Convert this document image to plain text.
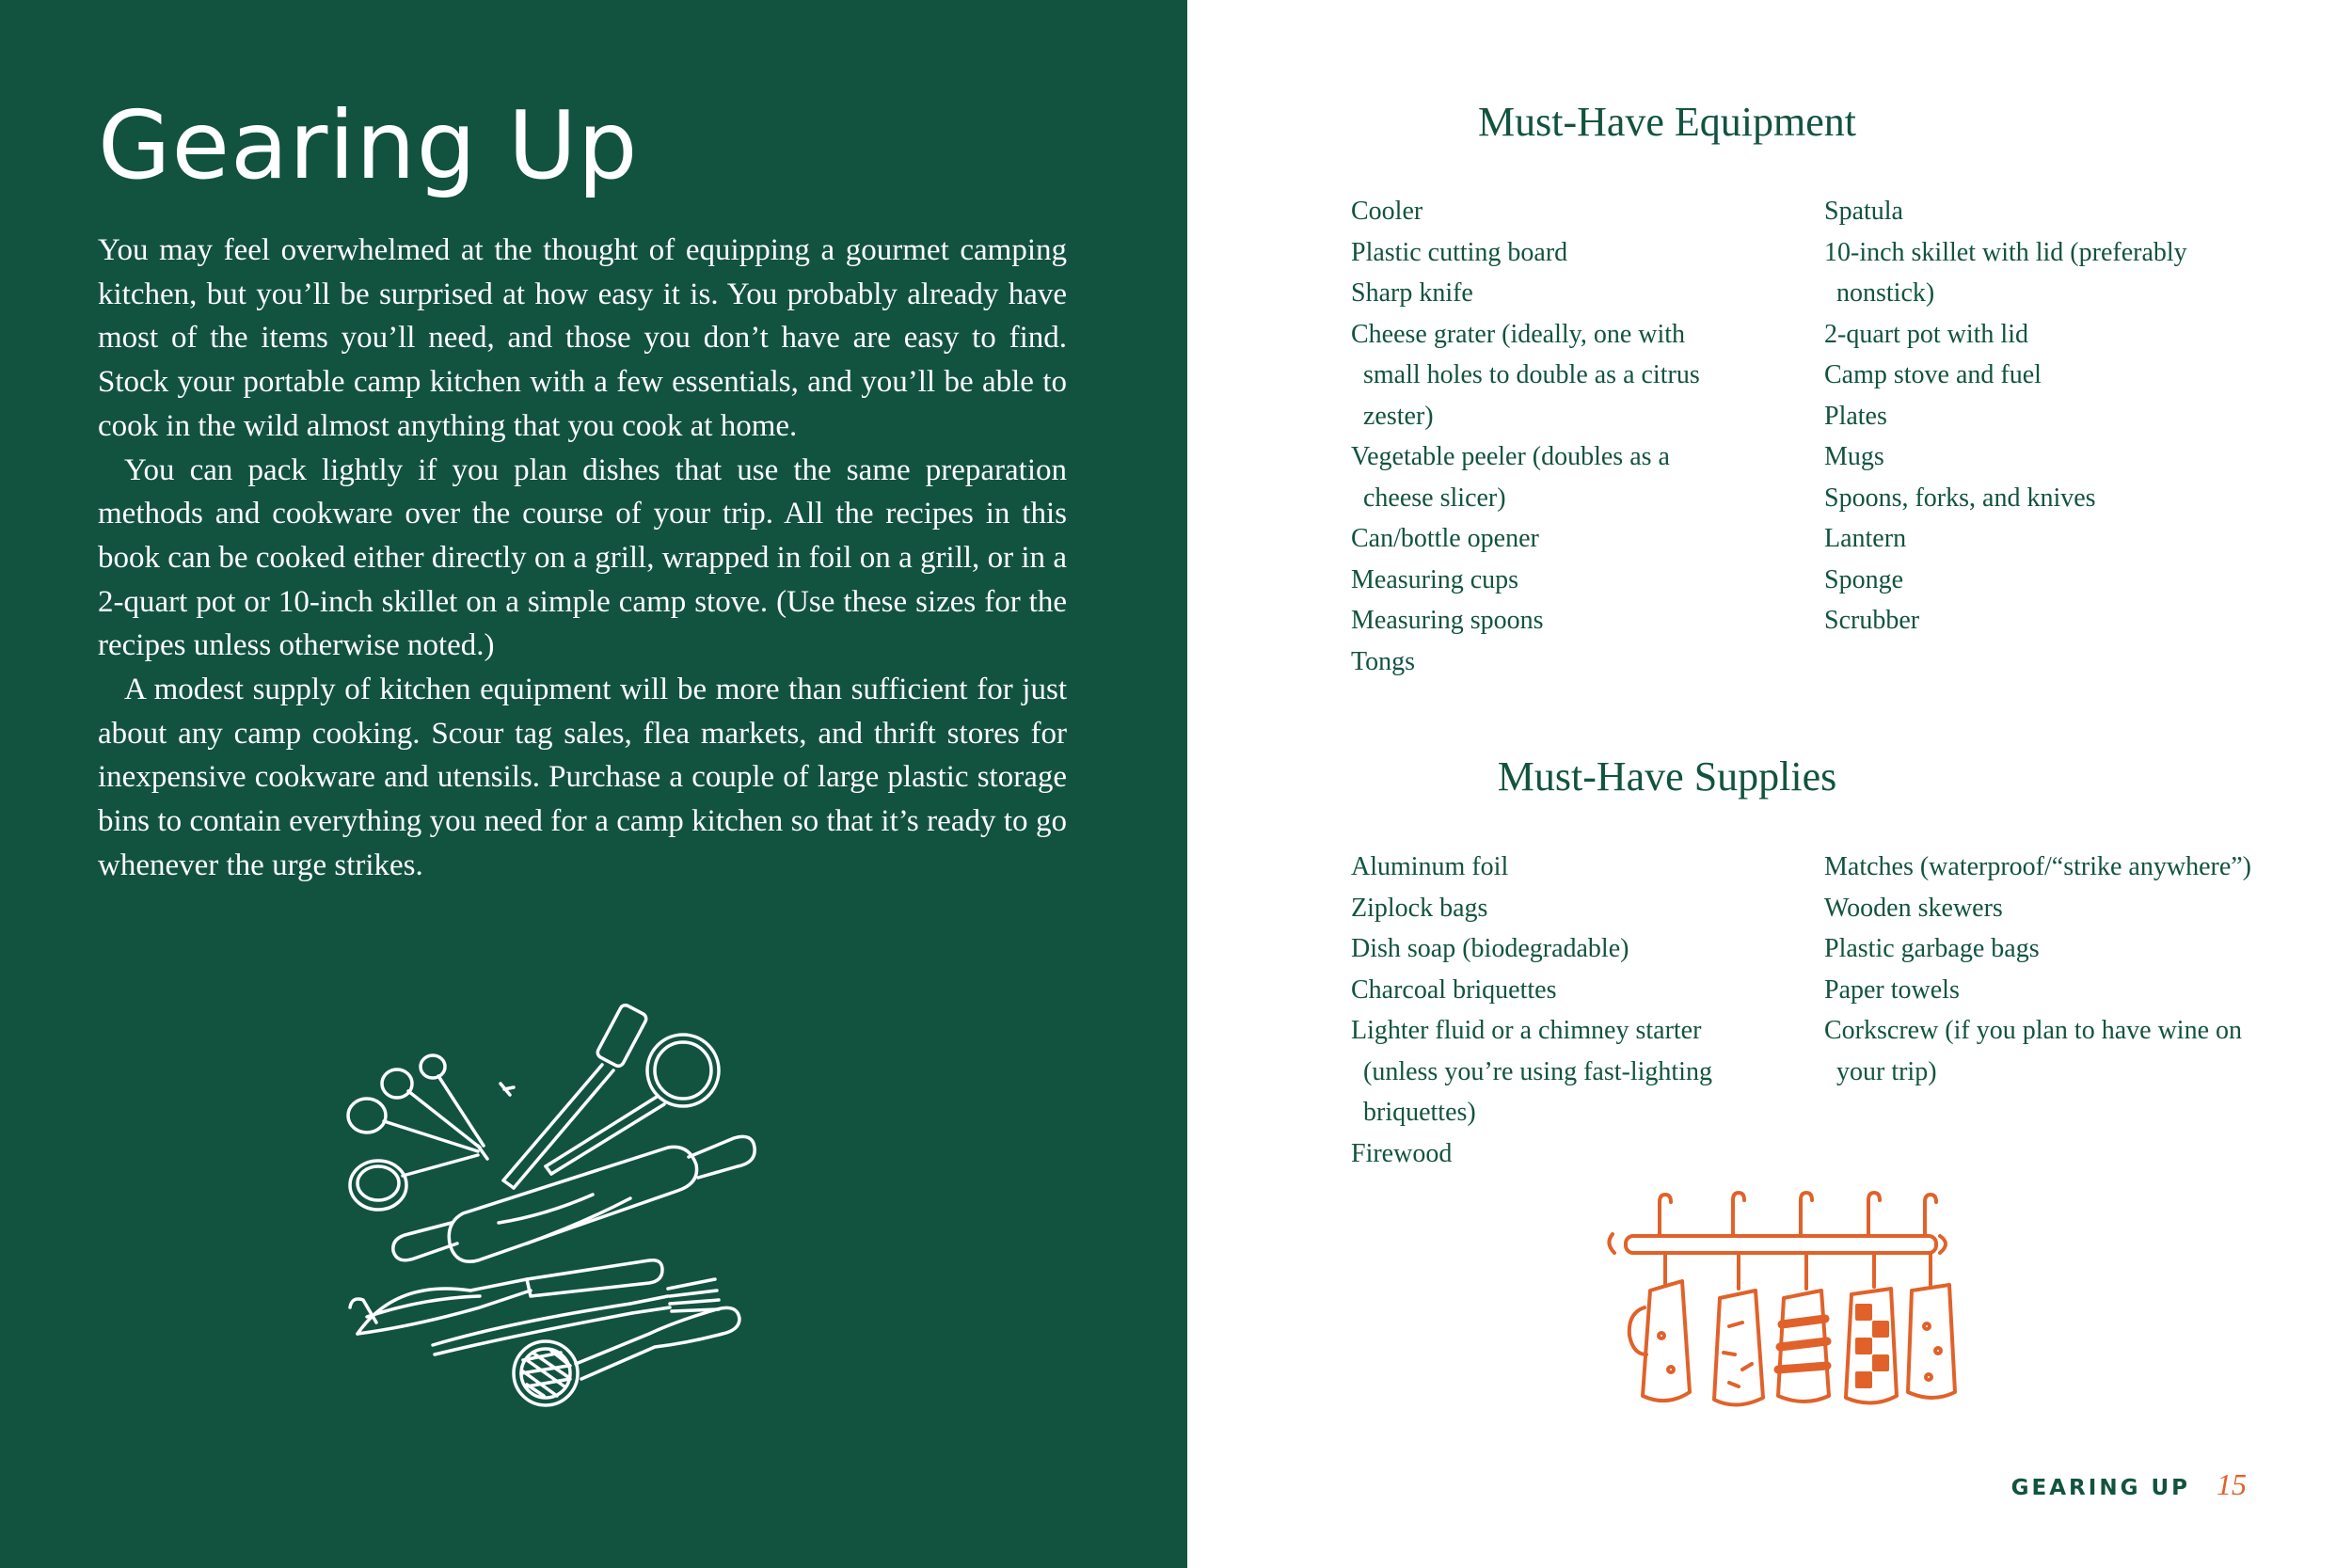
Gearing Up

You may feel overwhelmed at the thought of equipping a gourmet camping kitchen, but you’ll be surprised at how easy it is. You probably already have most of the items you’ll need, and those you don’t have are easy to find. Stock your portable camp kitchen with a few essentials, and you’ll be able to cook in the wild almost anything that you cook at home.

You can pack lightly if you plan dishes that use the same preparation methods and cookware over the course of your trip. All the recipes in this book can be cooked either directly on a grill, wrapped in foil on a grill, or in a 2-quart pot or 10-inch skillet on a simple camp stove. (Use these sizes for the recipes unless otherwise noted.)

A modest supply of kitchen equipment will be more than sufficient for just about any camp cooking. Scour tag sales, flea markets, and thrift stores for inexpensive cookware and utensils. Purchase a couple of large plastic storage bins to contain everything you need for a camp kitchen so that it’s ready to go whenever the urge strikes.

Must-Have Equipment
Cooler
Plastic cutting board
Sharp knife
Cheese grater (ideally, one with small holes to double as a citrus zester)
Vegetable peeler (doubles as a cheese slicer)
Can/bottle opener
Measuring cups
Measuring spoons
Tongs
Spatula
10-inch skillet with lid (preferably nonstick)
2-quart pot with lid
Camp stove and fuel
Plates
Mugs
Spoons, forks, and knives
Lantern
Sponge
Scrubber
Must-Have Supplies
Aluminum foil
Ziplock bags
Dish soap (biodegradable)
Charcoal briquettes
Lighter fluid or a chimney starter (unless you’re using fast-lighting briquettes)
Firewood
Matches (waterproof/“strike anywhere”)
Wooden skewers
Plastic garbage bags
Paper towels
Corkscrew (if you plan to have wine on your trip)
GEARING UP 15
